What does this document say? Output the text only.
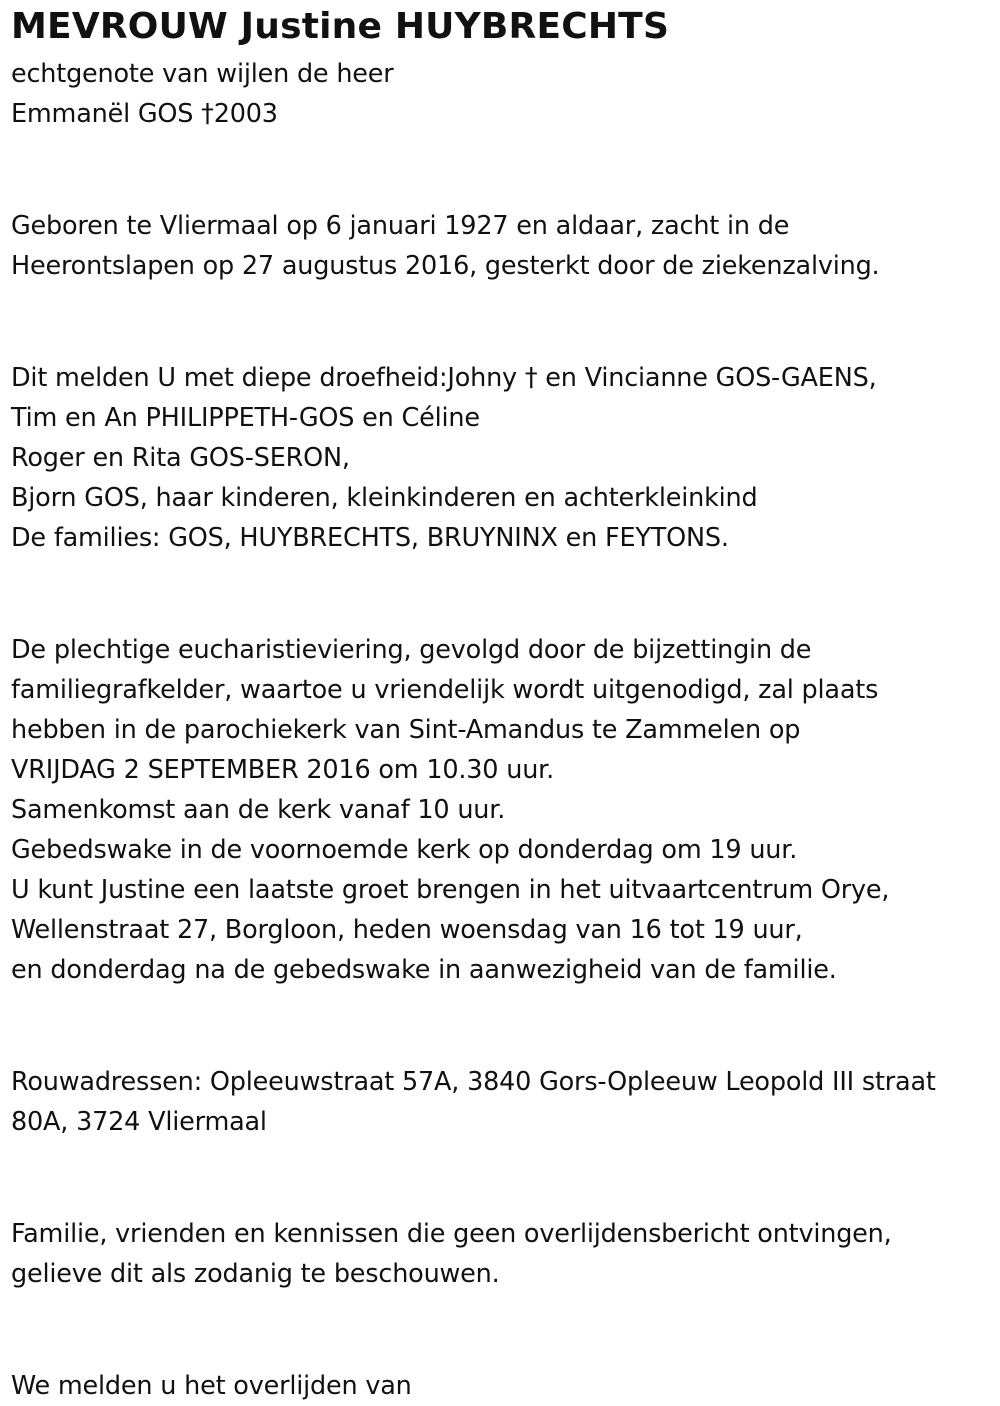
MEVROUW Justine HUYBRECHTS

echtgenote van wijlen de heer

Emmanël GOS †2003

Geboren te Vliermaal op 6 januari 1927 en aldaar, zacht in de

Heerontslapen op 27 augustus 2016, gesterkt door de ziekenzalving.

Dit melden U met diepe droefheid:Johny † en Vincianne GOS-GAENS,

Tim en An PHILIPPETH-GOS en Céline

Roger en Rita GOS-SERON,

Bjorn GOS, haar kinderen, kleinkinderen en achterkleinkind

De families: GOS, HUYBRECHTS, BRUYNINX en FEYTONS.

De plechtige eucharistieviering, gevolgd door de bijzettingin de

familiegrafkelder, waartoe u vriendelijk wordt uitgenodigd, zal plaats

hebben in de parochiekerk van Sint-Amandus te Zammelen op

VRIJDAG 2 SEPTEMBER 2016 om 10.30 uur.

Samenkomst aan de kerk vanaf 10 uur.

Gebedswake in de voornoemde kerk op donderdag om 19 uur.

U kunt Justine een laatste groet brengen in het uitvaartcentrum Orye,

Wellenstraat 27, Borgloon, heden woensdag van 16 tot 19 uur,

en donderdag na de gebedswake in aanwezigheid van de familie.

Rouwadressen: Opleeuwstraat 57A, 3840 Gors-Opleeuw Leopold III straat

80A, 3724 Vliermaal

Familie, vrienden en kennissen die geen overlijdensbericht ontvingen,

gelieve dit als zodanig te beschouwen.

We melden u het overlijden van
